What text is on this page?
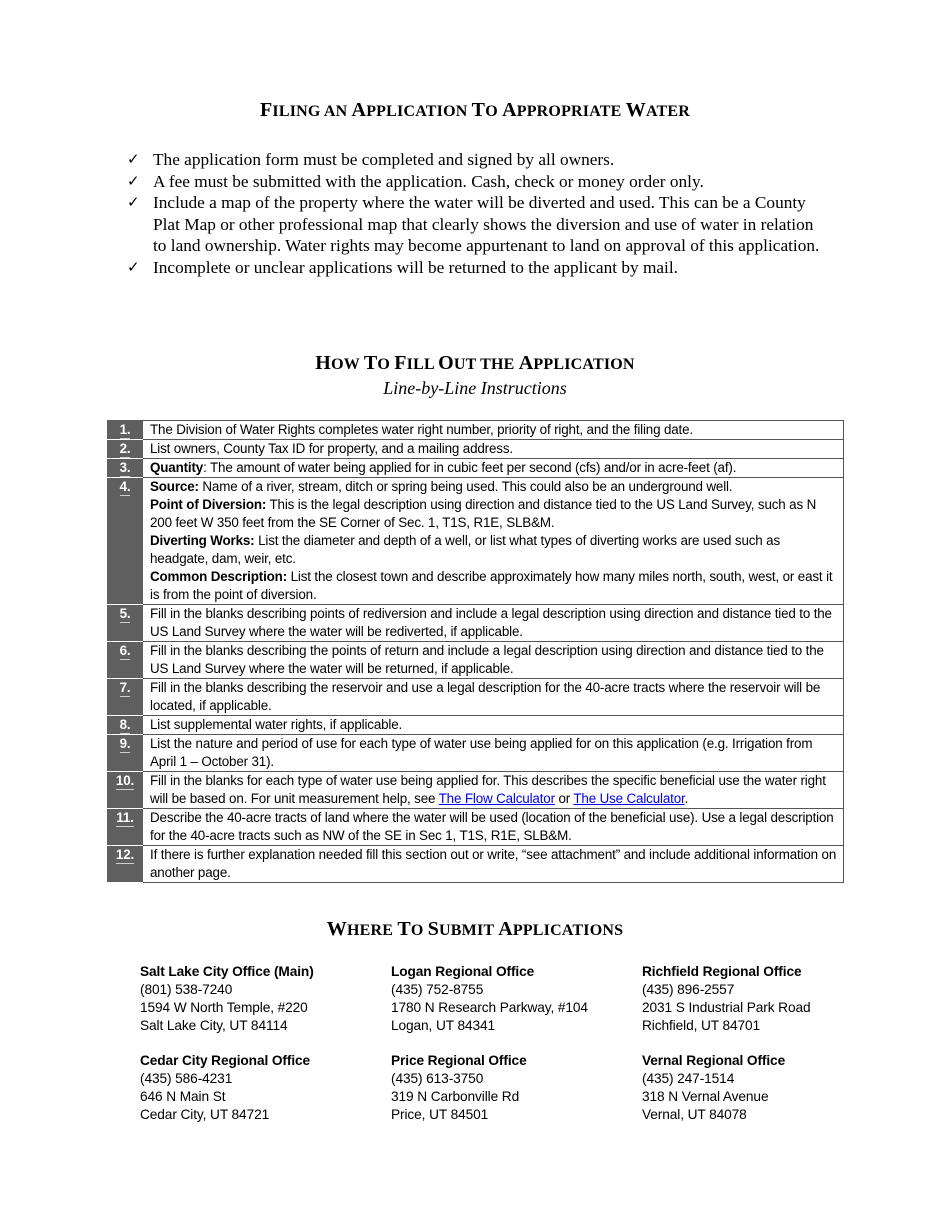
FILING AN APPLICATION TO APPROPRIATE WATER
✓ The application form must be completed and signed by all owners.
✓ A fee must be submitted with the application. Cash, check or money order only.
✓ Include a map of the property where the water will be diverted and used. This can be a County Plat Map or other professional map that clearly shows the diversion and use of water in relation to land ownership. Water rights may become appurtenant to land on approval of this application.
✓ Incomplete or unclear applications will be returned to the applicant by mail.
HOW TO FILL OUT THE APPLICATION
Line-by-Line Instructions
1.	The Division of Water Rights completes water right number, priority of right, and the filing date.
2.	List owners, County Tax ID for property, and a mailing address.
3.	Quantity: The amount of water being applied for in cubic feet per second (cfs) and/or in acre-feet (af).
4.	Source: Name of a river, stream, ditch or spring being used. This could also be an underground well.
Point of Diversion: This is the legal description using direction and distance tied to the US Land Survey, such as N 200 feet W 350 feet from the SE Corner of Sec. 1, T1S, R1E, SLB&M.
Diverting Works: List the diameter and depth of a well, or list what types of diverting works are used such as headgate, dam, weir, etc.
Common Description: List the closest town and describe approximately how many miles north, south, west, or east it is from the point of diversion.

5.	Fill in the blanks describing points of rediversion and include a legal description using direction and distance tied to the US Land Survey where the water will be rediverted, if applicable.
6.	Fill in the blanks describing the points of return and include a legal description using direction and distance tied to the US Land Survey where the water will be returned, if applicable.
7.	Fill in the blanks describing the reservoir and use a legal description for the 40-acre tracts where the reservoir will be located, if applicable.
8.	List supplemental water rights, if applicable.
9.	List the nature and period of use for each type of water use being applied for on this application (e.g. Irrigation from April 1 – October 31).
10.	Fill in the blanks for each type of water use being applied for. This describes the specific beneficial use the water right will be based on. For unit measurement help, see The Flow Calculator or The Use Calculator.
11.	Describe the 40-acre tracts of land where the water will be used (location of the beneficial use). Use a legal description for the 40-acre tracts such as NW of the SE in Sec 1, T1S, R1E, SLB&M.
12.	If there is further explanation needed fill this section out or write, “see attachment” and include additional information on another page.
WHERE TO SUBMIT APPLICATIONS
Salt Lake City Office (Main)
(801) 538-7240
1594 W North Temple, #220
Salt Lake City, UT 84114
Logan Regional Office
(435) 752-8755
1780 N Research Parkway, #104
Logan, UT 84341
Richfield Regional Office
(435) 896-2557
2031 S Industrial Park Road
Richfield, UT 84701
Cedar City Regional Office
(435) 586-4231
646 N Main St
Cedar City, UT 84721
Price Regional Office
(435) 613-3750
319 N Carbonville Rd
Price, UT 84501
Vernal Regional Office
(435) 247-1514
318 N Vernal Avenue
Vernal, UT 84078
